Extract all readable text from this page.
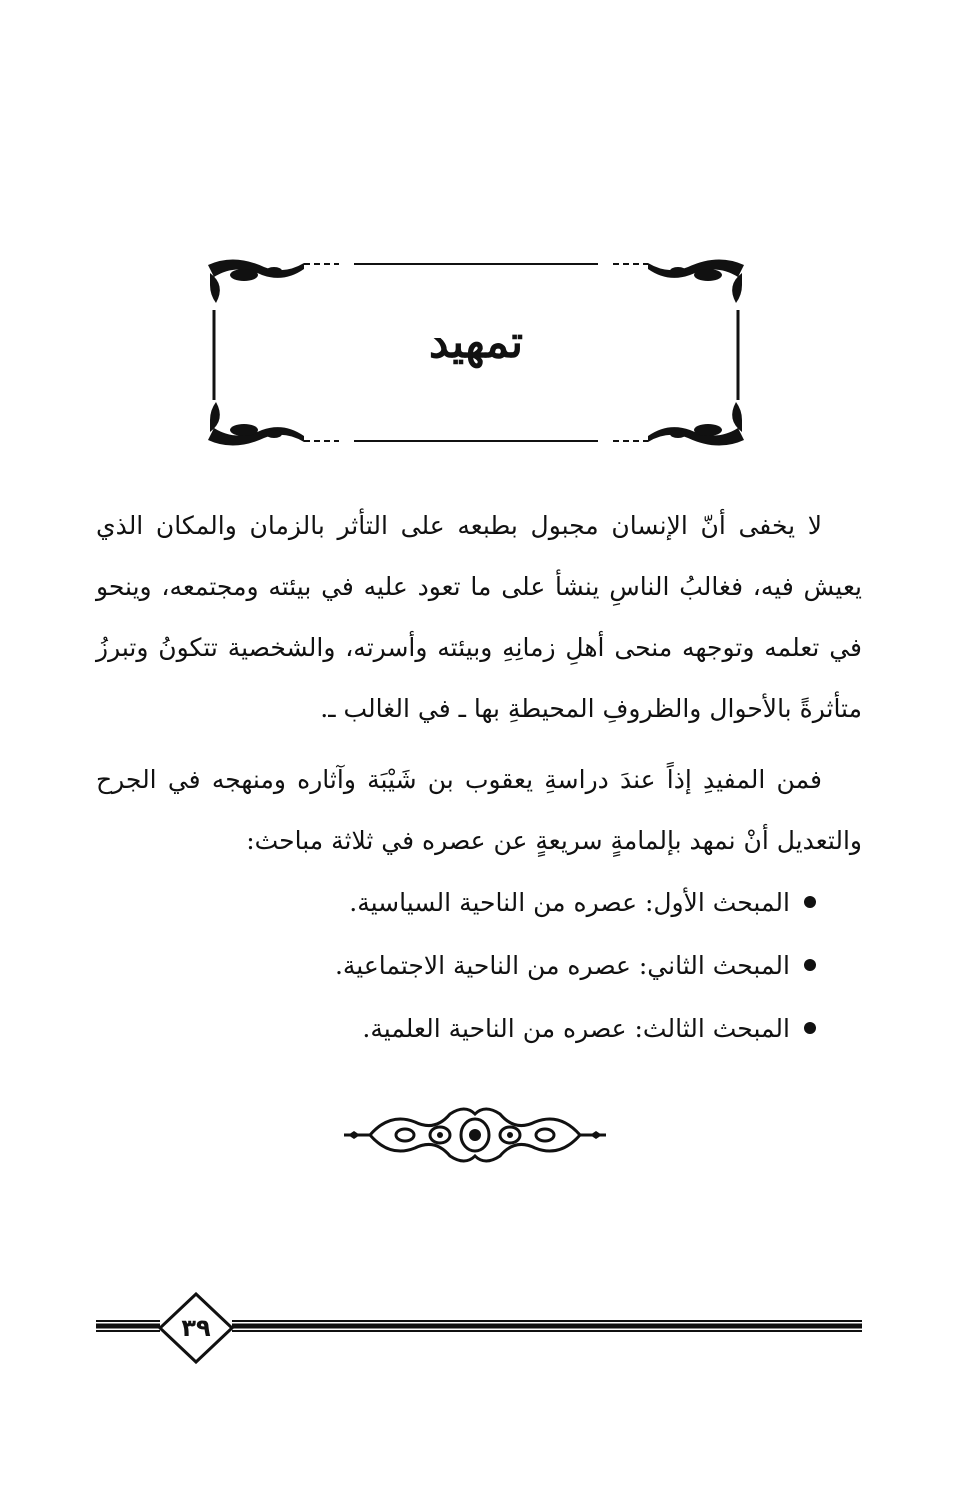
تمهيد

لا يخفى أنّ الإنسان مجبول بطبعه على التأثر بالزمان والمكان الذي يعيش فيه، فغالبُ الناسِ ينشأ على ما تعود عليه في بيئته ومجتمعه، وينحو في تعلمه وتوجهه منحى أهلِ زمانِهِ وبيئته وأسرته، والشخصية تتكونُ وتبرزُ متأثرةً بالأحوال والظروفِ المحيطةِ بها ـ في الغالب ـ.

فمن المفيدِ إذاً عندَ دراسةِ يعقوب بن شَيْبَة وآثاره ومنهجه في الجرح والتعديل أنْ نمهد بإلمامةٍ سريعةٍ عن عصره في ثلاثة مباحث:

المبحث الأول: عصره من الناحية السياسية.
المبحث الثاني: عصره من الناحية الاجتماعية.
المبحث الثالث: عصره من الناحية العلمية.
٣٩
